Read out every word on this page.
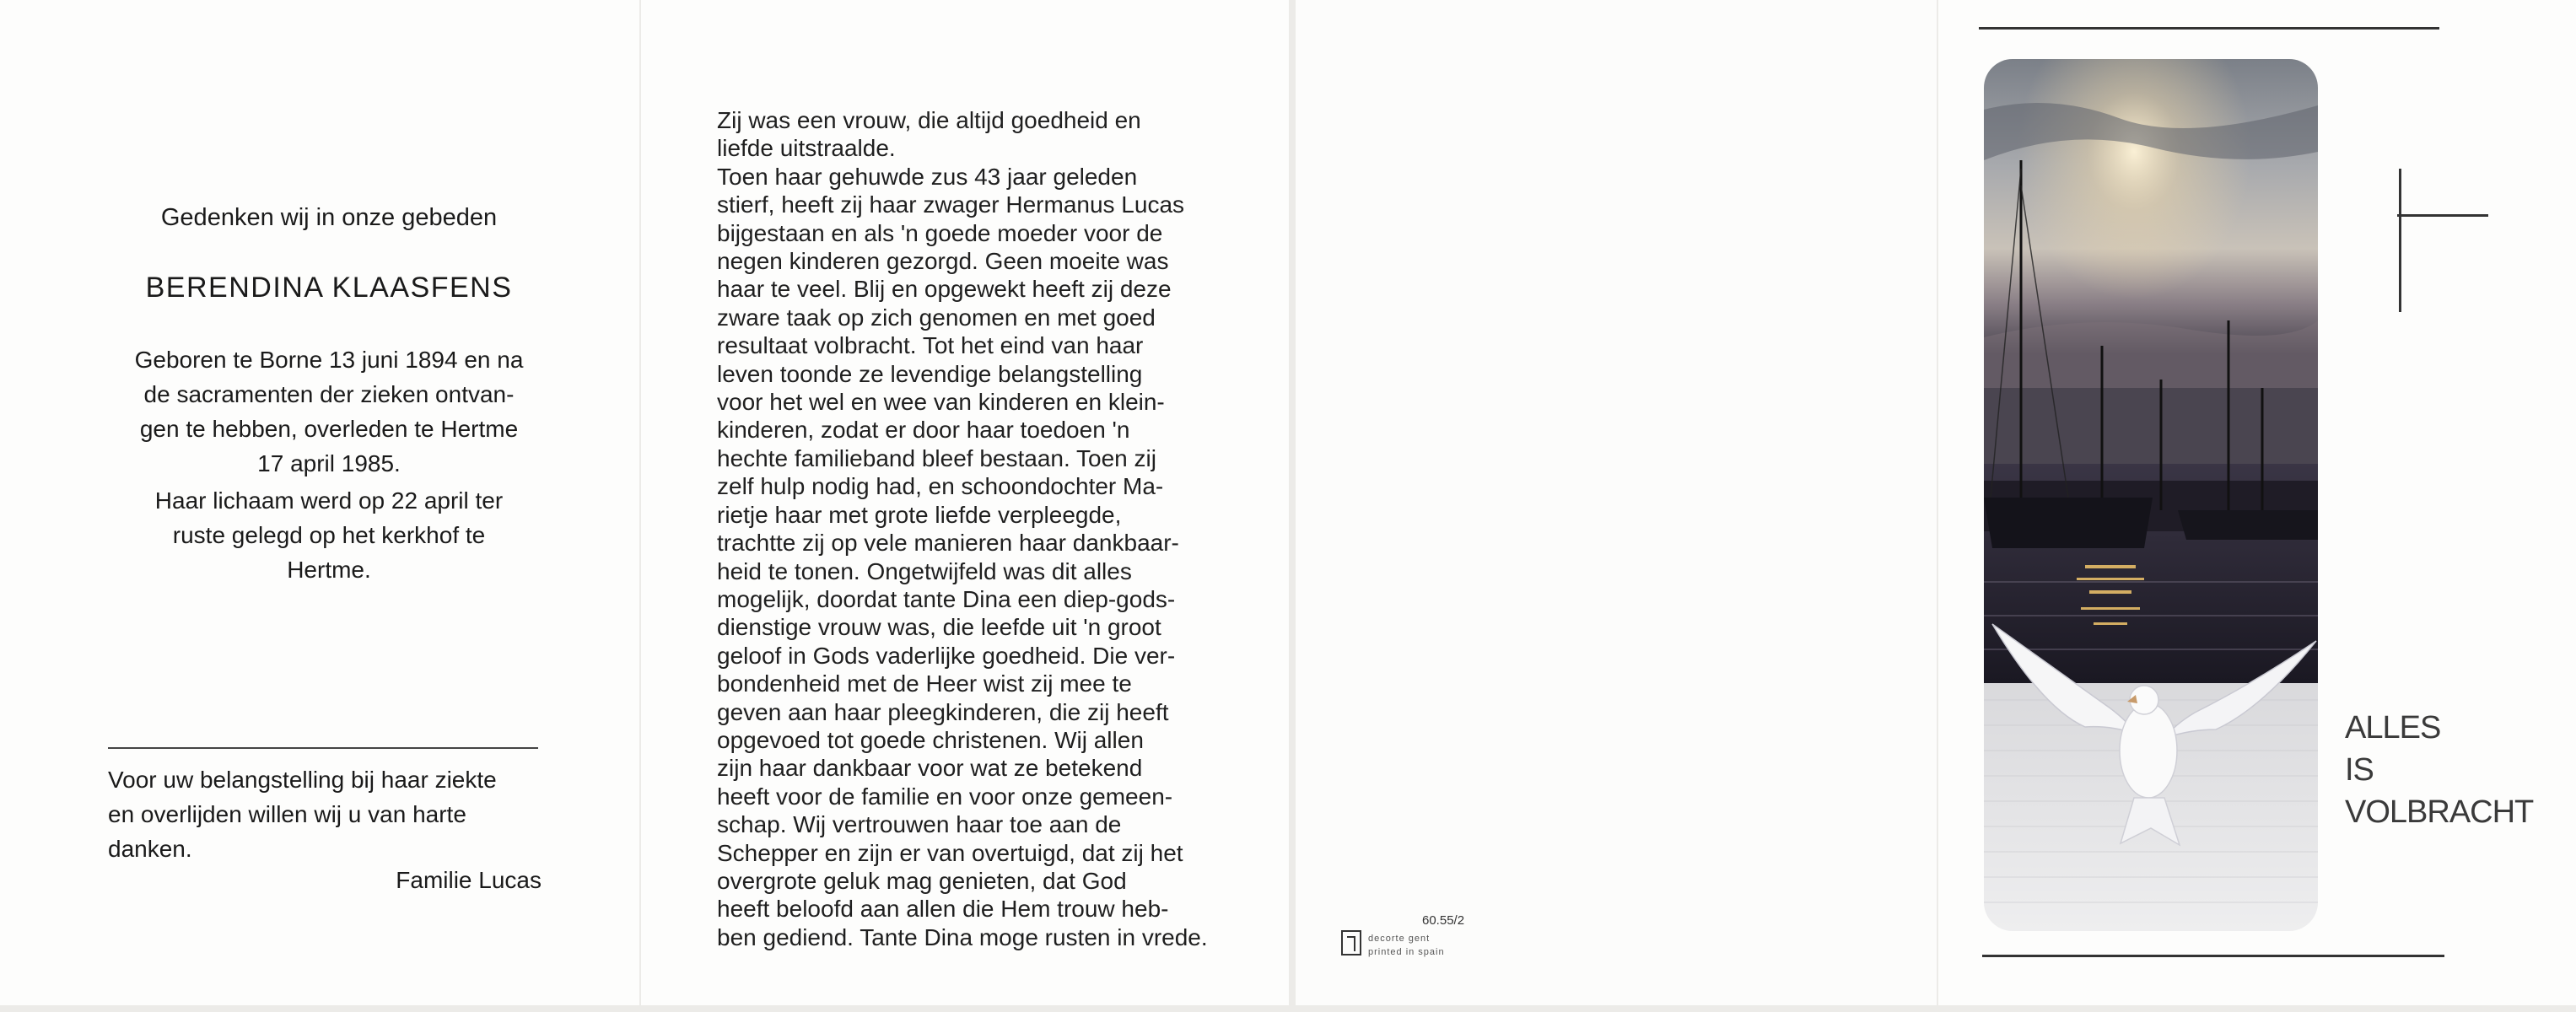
Gedenken wij in onze gebeden
BERENDINA KLAASFENS
Geboren te Borne 13 juni 1894 en na
de sacramenten der zieken ontvan-
gen te hebben, overleden te Hertme
17 april 1985.
Haar lichaam werd op 22 april ter
ruste gelegd op het kerkhof te
Hertme.
Voor uw belangstelling bij haar ziekte
en overlijden willen wij u van harte
danken.
Familie Lucas
Zij was een vrouw, die altijd goedheid en
liefde uitstraalde.
Toen haar gehuwde zus 43 jaar geleden
stierf, heeft zij haar zwager Hermanus Lucas
bijgestaan en als 'n goede moeder voor de
negen kinderen gezorgd. Geen moeite was
haar te veel. Blij en opgewekt heeft zij deze
zware taak op zich genomen en met goed
resultaat volbracht. Tot het eind van haar
leven toonde ze levendige belangstelling
voor het wel en wee van kinderen en klein-
kinderen, zodat er door haar toedoen 'n
hechte familieband bleef bestaan. Toen zij
zelf hulp nodig had, en schoondochter Ma-
rietje haar met grote liefde verpleegde,
trachtte zij op vele manieren haar dankbaar-
heid te tonen. Ongetwijfeld was dit alles
mogelijk, doordat tante Dina een diep-gods-
dienstige vrouw was, die leefde uit 'n groot
geloof in Gods vaderlijke goedheid. Die ver-
bondenheid met de Heer wist zij mee te
geven aan haar pleegkinderen, die zij heeft
opgevoed tot goede christenen. Wij allen
zijn haar dankbaar voor wat ze betekend
heeft voor de familie en voor onze gemeen-
schap. Wij vertrouwen haar toe aan de
Schepper en zijn er van overtuigd, dat zij het
overgrote geluk mag genieten, dat God
heeft beloofd aan allen die Hem trouw heb-
ben gediend. Tante Dina moge rusten in vrede.
60.55/2
decorte gent
printed in spain
ALLES
IS
VOLBRACHT
